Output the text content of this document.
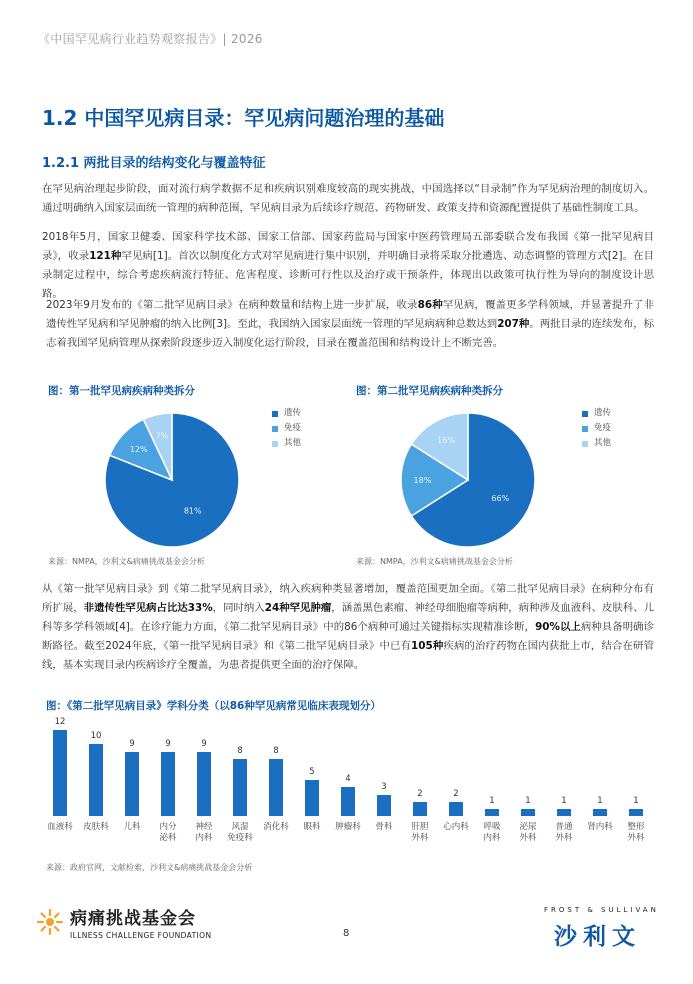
《中国罕见病行业趋势观察报告》| 2026
1.2 中国罕见病目录：罕见病问题治理的基础
1.2.1 两批目录的结构变化与覆盖特征
在罕见病治理起步阶段，面对流行病学数据不足和疾病识别难度较高的现实挑战，中国选择以“目录制”作为罕见病治理的制度切入。通过明确纳入国家层面统一管理的病种范围，罕见病目录为后续诊疗规范、药物研发、政策支持和资源配置提供了基础性制度工具。
2018年5月，国家卫健委、国家科学技术部、国家工信部、国家药监局与国家中医药管理局五部委联合发布我国《第一批罕见病目录》，收录121种罕见病[1]。首次以制度化方式对罕见病进行集中识别，并明确目录将采取分批遴选、动态调整的管理方式[2]。在目录制定过程中，综合考虑疾病流行特征、危害程度、诊断可行性以及治疗或干预条件，体现出以政策可执行性为导向的制度设计思路。
2023年9月发布的《第二批罕见病目录》在病种数量和结构上进一步扩展，收录86种罕见病，覆盖更多学科领域，并显著提升了非遗传性罕见病和罕见肿瘤的纳入比例[3]。至此，我国纳入国家层面统一管理的罕见病病种总数达到207种。两批目录的连续发布，标志着我国罕见病管理从探索阶段逐步迈入制度化运行阶段，目录在覆盖范围和结构设计上不断完善。
图：第一批罕见病疾病种类拆分
81%
12%
7%
遗传
免疫
其他
来源：NMPA，沙利文&病痛挑战基金会分析
图：第二批罕见病疾病种类拆分
66%
18%
16%
遗传
免疫
其他
来源：NMPA，沙利文&病痛挑战基金会分析
从《第一批罕见病目录》到《第二批罕见病目录》，纳入疾病种类显著增加，覆盖范围更加全面。《第二批罕见病目录》在病种分布有所扩展，非遗传性罕见病占比达33%，同时纳入24种罕见肿瘤，涵盖黑色素瘤、神经母细胞瘤等病种，病种涉及血液科、皮肤科、儿科等多学科领域[4]。在诊疗能力方面，《第二批罕见病目录》中的86个病种可通过关键指标实现精准诊断，90%以上病种具备明确诊断路径。截至2024年底，《第一批罕见病目录》和《第二批罕见病目录》中已有105种疾病的治疗药物在国内获批上市，结合在研管线，基本实现目录内疾病诊疗全覆盖，为患者提供更全面的治疗保障。
图：《第二批罕见病目录》学科分类（以86种罕见病常见临床表现划分）
12
血液科
10
皮肤科
9
儿科
9
内分
泌科
9
神经
内科
8
风湿
免疫科
8
消化科
5
眼科
4
肿瘤科
3
骨科
2
肝胆
外科
2
心内科
1
呼吸
内科
1
泌尿
外科
1
普通
外科
1
肾内科
1
整形
外科
来源：政府官网，文献检索，沙利文&病痛挑战基金会分析
病痛挑战基金会
ILLNESS CHALLENGE FOUNDATION	8
FROST & SULLIVAN
沙利文
